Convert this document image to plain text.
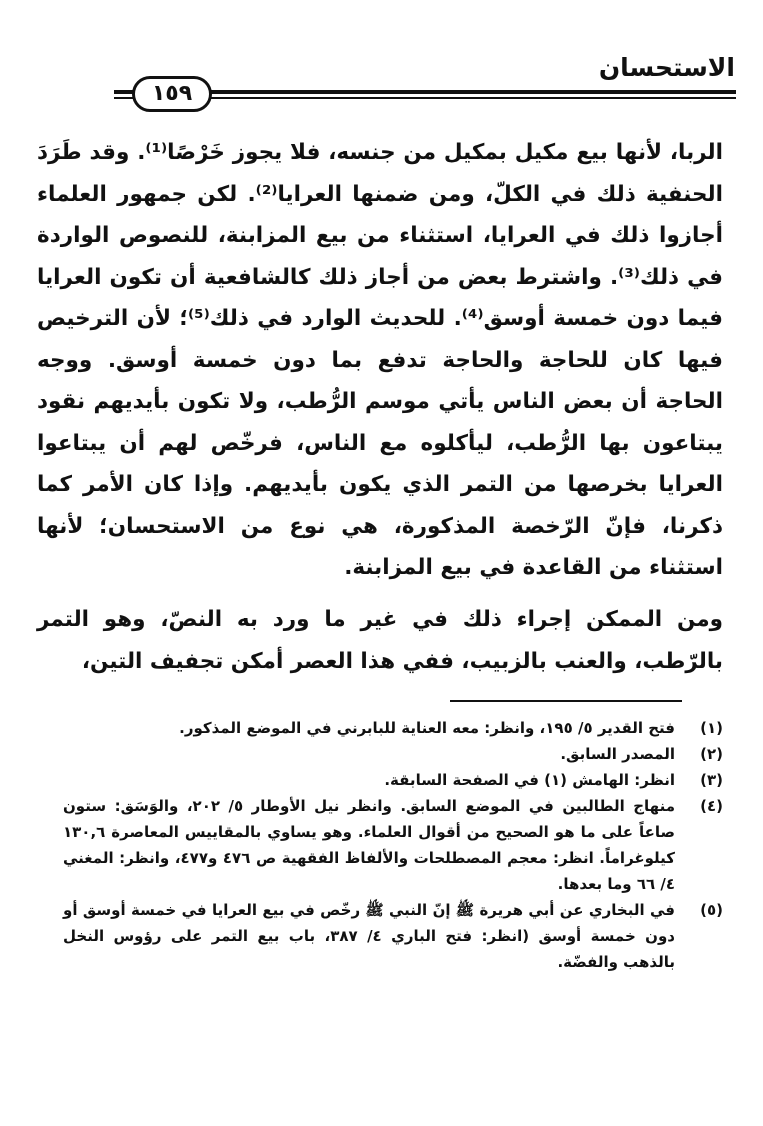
الاستحسان
١٥٩

الربا، لأنها بيع مكيل بمكيل من جنسه، فلا يجوز خَرْصًا⁽¹⁾. وقد طَرَدَ الحنفية ذلك في الكلّ، ومن ضمنها العرايا⁽²⁾. لكن جمهور العلماء أجازوا ذلك في العرايا، استثناء من بيع المزابنة، للنصوص الواردة في ذلك⁽³⁾. واشترط بعض من أجاز ذلك كالشافعية أن تكون العرايا فيما دون خمسة أوسق⁽⁴⁾. للحديث الوارد في ذلك⁽⁵⁾؛ لأن الترخيص فيها كان للحاجة والحاجة تدفع بما دون خمسة أوسق. ووجه الحاجة أن بعض الناس يأتي موسم الرُّطب، ولا تكون بأيديهم نقود يبتاعون بها الرُّطب، ليأكلوه مع الناس، فرخّص لهم أن يبتاعوا العرايا بخرصها من التمر الذي يكون بأيديهم. وإذا كان الأمر كما ذكرنا، فإنّ الرّخصة المذكورة، هي نوع من الاستحسان؛ لأنها استثناء من القاعدة في بيع المزابنة.

ومن الممكن إجراء ذلك في غير ما ورد به النصّ، وهو التمر بالرّطب، والعنب بالزبيب، ففي هذا العصر أمكن تجفيف التين،

(١)
فتح القدير ٥/ ١٩٥، وانظر: معه العناية للبابرني في الموضع المذكور.
(٢)
المصدر السابق.
(٣)
انظر: الهامش (١) في الصفحة السابقة.
(٤)
منهاج الطالبين في الموضع السابق. وانظر نيل الأوطار ٥/ ٢٠٢، والوَسَق: ستون صاعاً على ما هو الصحيح من أقوال العلماء. وهو يساوي بالمقاييس المعاصرة ١٣٠,٦ كيلوغراماً. انظر: معجم المصطلحات والألفاظ الفقهية ص ٤٧٦ و٤٧٧، وانظر: المغني ٤/ ٦٦ وما بعدها.
(٥)
في البخاري عن أبي هريرة ﷺ إنّ النبي ﷺ رخّص في بيع العرايا في خمسة أوسق أو دون خمسة أوسق (انظر: فتح الباري ٤/ ٣٨٧، باب بيع التمر على رؤوس النخل بالذهب والفضّة.
